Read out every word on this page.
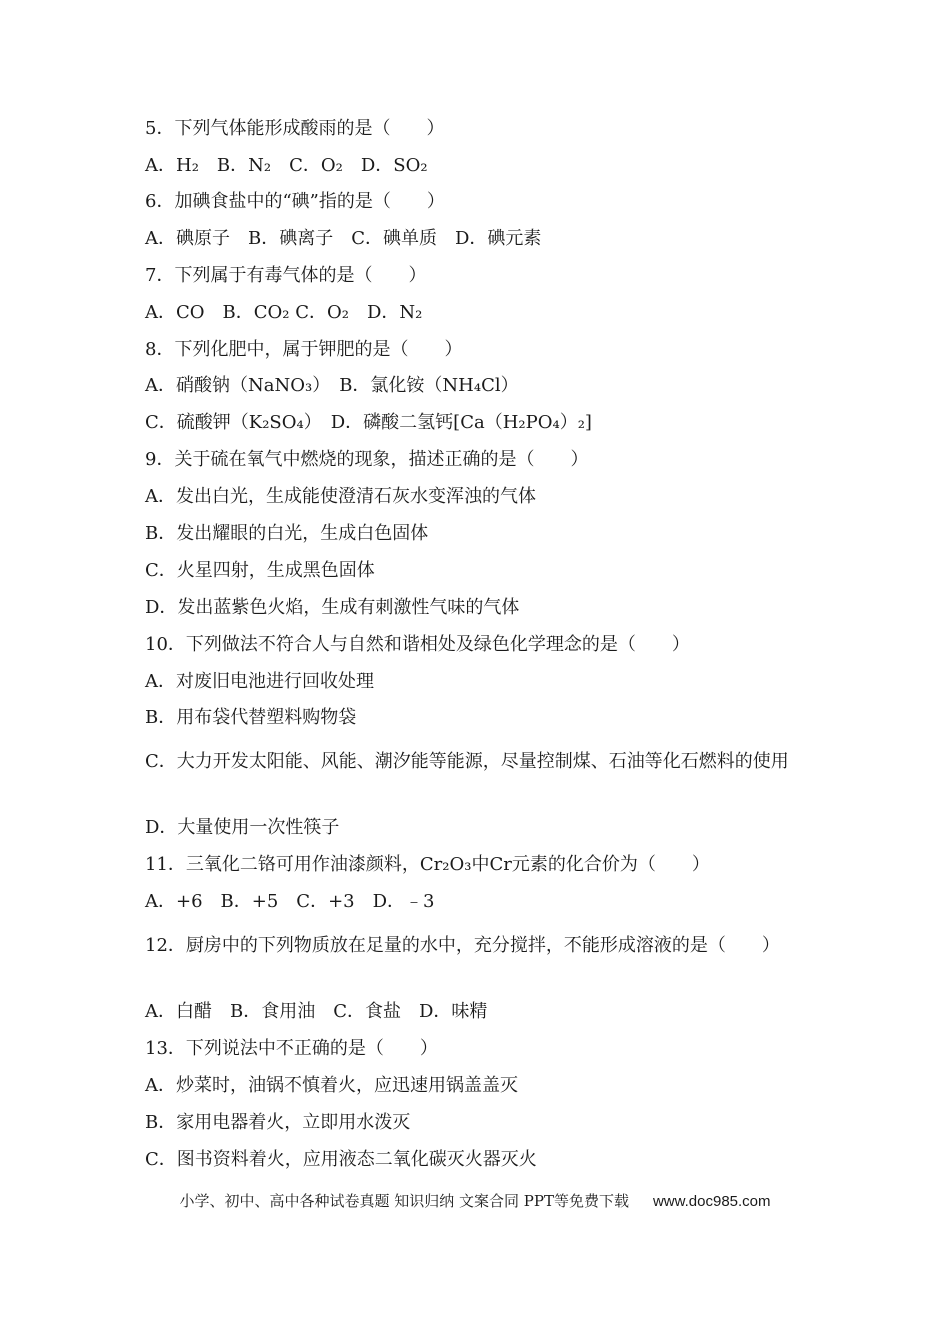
5．下列气体能形成酸雨的是（　　）
A．H₂　B．N₂　C．O₂　D．SO₂
6．加碘食盐中的“碘”指的是（　　）
A．碘原子　B．碘离子　C．碘单质　D．碘元素
7．下列属于有毒气体的是（　　）
A．CO　B．CO₂ C．O₂　D．N₂
8．下列化肥中，属于钾肥的是（　　）
A．硝酸钠（NaNO₃）　B．氯化铵（NH₄Cl）
C．硫酸钾（K₂SO₄）　D．磷酸二氢钙[Ca（H₂PO₄）₂]
9．关于硫在氧气中燃烧的现象，描述正确的是（　　）
A．发出白光，生成能使澄清石灰水变浑浊的气体
B．发出耀眼的白光，生成白色固体
C．火星四射，生成黑色固体
D．发出蓝紫色火焰，生成有刺激性气味的气体
10．下列做法不符合人与自然和谐相处及绿色化学理念的是（　　）
A．对废旧电池进行回收处理
B．用布袋代替塑料购物袋
C．大力开发太阳能、风能、潮汐能等能源，尽量控制煤、石油等化石燃料的使用
D．大量使用一次性筷子
11．三氧化二铬可用作油漆颜料，Cr₂O₃中Cr元素的化合价为（　　）
A．+6　B．+5　C．+3　D．﹣3
12．厨房中的下列物质放在足量的水中，充分搅拌，不能形成溶液的是（　　）
A．白醋　B．食用油　C．食盐　D．味精
13．下列说法中不正确的是（　　）
A．炒菜时，油锅不慎着火，应迅速用锅盖盖灭
B．家用电器着火，立即用水泼灭
C．图书资料着火，应用液态二氧化碳灭火器灭火
小学、初中、高中各种试卷真题 知识归纳 文案合同 PPT等免费下载 www.doc985.com
